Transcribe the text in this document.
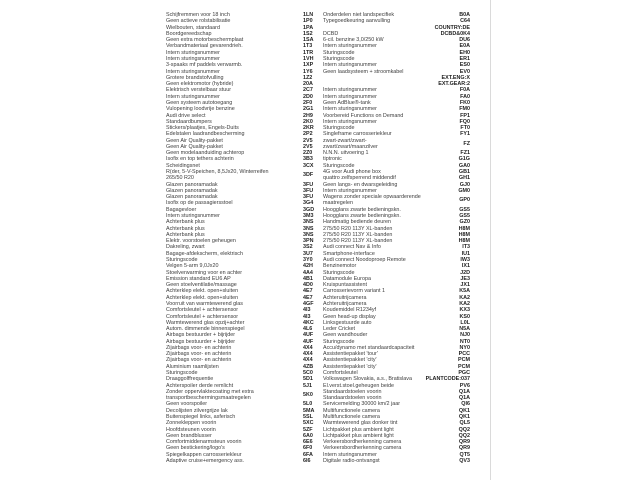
Schijfremmen voor 18 inch	1LN
Geen actieve rolstabilisatie	1P0
Wielbouten, standaard	1PA
Boordgereedschap	1S2
Geen extra motorbeschermplaat	1SA
Verbandmateriaal gevarendrieh.	1T3
Intern sturingsnummer	1TR
Intern sturingsnummer	1VH
3-spaaks mf paddels verwarmb.	1XP
Intern sturingsnummer	1Y6
Grotere brandstofvulling	1Z2
Geen elektromotor (hybride)	20A
Elektrisch verstelbaar stuur	2C7
Intern sturingsnummer	2D0
Geen systeem autotoegang	2F0
Vulopening loodvrije benzine	2G1
Audi drive select	2H9
Standaardbumpers	2K0
Stickers/plaatjes, Engels-Duits	2KR
Edelstalen laadrandbescherming	2P2
Geen Air Quality-pakket	2V5
Geen Air Quality-pakket	2V5
Geen modelaanduiding achterop	2Z0
Isofix en top tethers achterin	3B3
Scheidingsnet	3CX
R(der, 5-V-Speichen, 8,5Jx20, Winterreifen
265/50 R20
3DF
Glazen panoramadak	3FU
Glazen panoramadak	3FU
Glazen panoramadak	3FU
Isofix op de passagiersstoel	3G4
Bagagevloer	3GD
Intern sturingsnummer	3M3
Achterbank plus	3NS
Achterbank plus	3NS
Achterbank plus	3NS
Elektr. voorstoelen geheugen	3PN
Dakreling, zwart	3S2
Bagage-afdekscherm, elektrisch	3U7
Sturingscode	3Y0
Velgen 5-arm 9,0Jx20	42H
Stoelverwarming voor en achter	4A4
Emission standard EU6 AP	4B1
Geen stoelventilatie/massage	4D0
Achterklep elekt. open+sluiten	4E7
Achterklep elekt. open+sluiten	4E7
Voorruit van warmtewerend glas	4GF
Comfortsleutel + achtersensor	4I3
Comfortsleutel + achtersensor	4I3
Warmtewerend glas opzij+achter	4KC
Autom. dimmende binnenspiegel	4L6
Airbags bestuurder + bijrijder	4UF
Airbags bestuurder + bijrijder	4UF
Zijairbags voor- en achterin	4X4
Zijairbags voor- en achterin	4X4
Zijairbags voor- en achterin	4X4
Aluminium raamlijsten	4ZB
Sturingscode	5C0
Draaggolffrequentie	5D1
Achterspoiler derde remlicht	5J1
Zonder oppervlaktecoating met extra
transportbeschermingsmaatregelen
5K0
Geen voorspoiler	5L0
Decolijsten zilvergrijze lak	5MA
Buitenspiegel links, asferisch	5SL
Zonnekleppen voorin	5XC
Hoofdsteunen voorin	5ZF
Geen brandblusser	6A0
Comfortmiddenarmsteun voorin	6E6
Geen bestickering/logo's	6F0
Spiegelkappen carrosseriekleur	6FA
Adaptive cruise+emergency ass.	6I6
Onderdelen niet landspecifiek	B0A
Typegoedkeuring aanvulling	C64
COUNTRY:DE
DCBD	DCBD&0K4
6-cil. benzine 3,0/250 kW	DU6
Intern sturingsnummer	E0A
Sturingscode	EH0
Sturingscode	ER1
Intern sturingsnummer	ES0
Geen laadsysteem + stroomkabel	EV0
EXT.ENG:X
EXT.GEAR:2
Intern sturingsnummer	F0A
Intern sturingsnummer	FA0
Geen AdBlue®-tank	FK0
Intern sturingsnummer	FM0
Voorbereid Functions on Demand	FP1
Intern sturingsnummer	FQ0
Sturingscode	FT0
Singleframe carrosseriekleur	FY1
zwart-zwart/zwart-
zwart/zwart/maanzilver
FZ
N.N.N. uitvoering 1	FZ1
tiptronic	G1G
Sturingscode	GA0
4G voor Audi phone box	GB1
quattro zelfsperrend middendif	GH1
Geen langs- en dwarsgeleiding	GJ0
Intern sturingsnummer	GM0
Wagens zonder speciale opwaarderende
maatregelen
GP0
Hoogglans zwarte bedieningskn.	GS5
Hoogglans zwarte bedieningskn.	GS5
Handmatig bediende deuren	GZ0
275/50 R20 113Y XL-banden	H8M
275/50 R20 113Y XL-banden	H8M
275/50 R20 113Y XL-banden	H8M
Audi connect Nav & Info	IT3
Smartphone-interface	IU1
Audi connect Noodoproep Remote	IW3
Benzinemotor	IX1
Sturingscode	J2D
Datamodule Europa	JE3
Kruispuntassistent	JX1
Carrosserievorm variant 1	K5A
Achteruitrijcamera	KA2
Achteruitrijcamera	KA2
Koudemiddel R1234yf	KX3
Geen head-up display	KS0
Linksgestuurde auto	L0L
Leder Cricket	N5A
Geen wandhouder	NJ0
Sturingscode	NT0
Accu/dynamo met standaardcapaciteit	NY0
Assistentiepakket 'tour'	PCC
Assistentiepakket 'city'	PCM
Assistentiepakket 'city'	PCM
Comfortsleutel	PGC
Volkswagen Slovakia, a.s., Bratislava	PLANTCODE:037
El.verst.stoel.geheugen beide	PV6
Standaardstoelen voorin	Q1A
Standaardstoelen voorin	Q1A
Servicemelding 30000 km/2 jaar	QI6
Multifunctionele camera	QK1
Multifunctionele camera	QK1
Warmtewerend glas donker tint	QL5
Lichtpakket plus ambient light	QQ2
Lichtpakket plus ambient light	QQ2
Verkeersbordherkenning camera	QR9
Verkeersbordherkenning camera	QR9
Intern sturingsnummer	QT5
Digitale radio-ontvangst	QV3
